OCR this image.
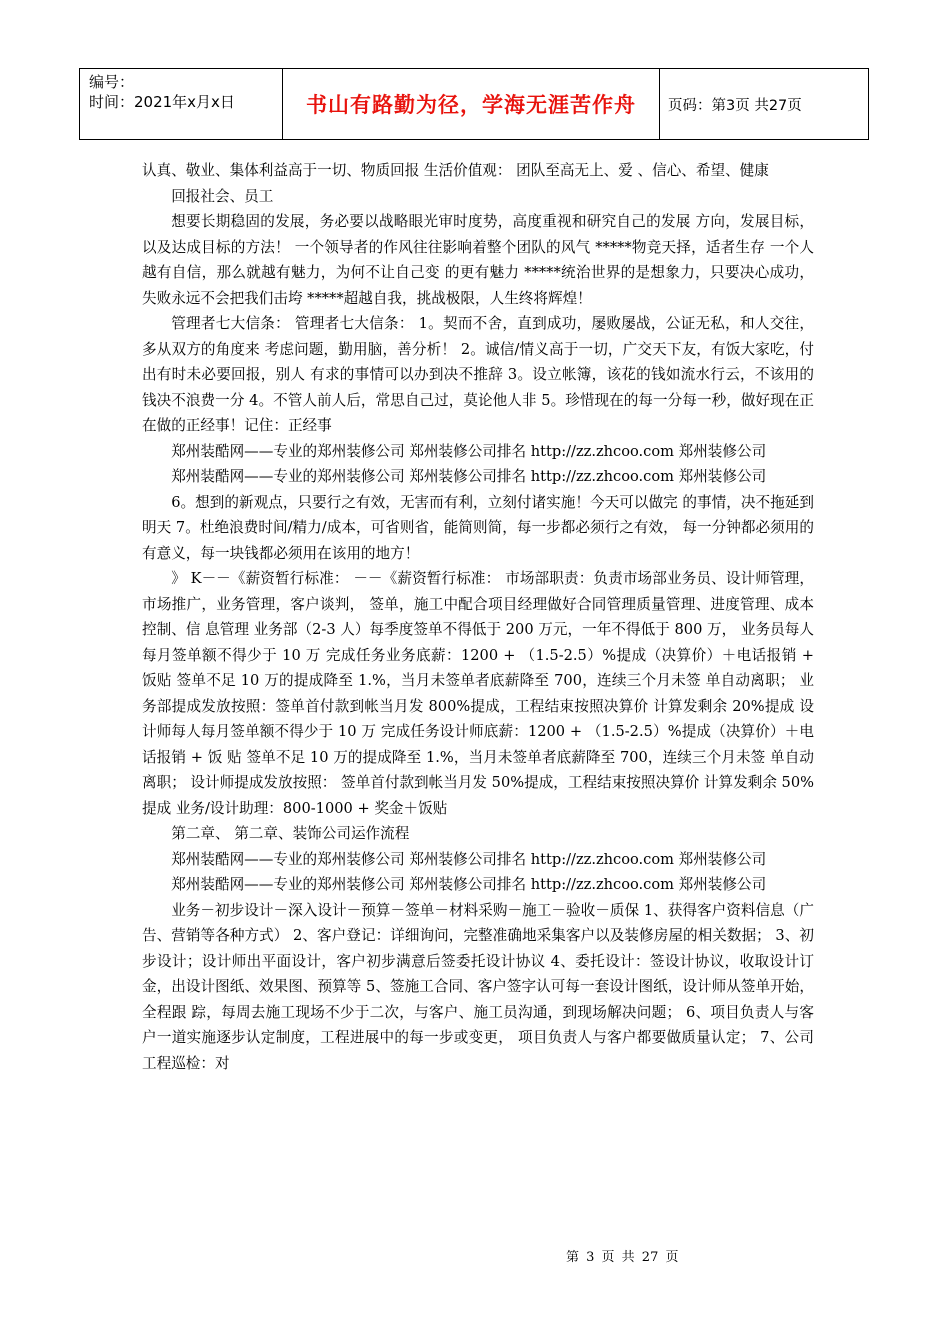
编号：
时间：2021年x月x日	书山有路勤为径，学海无涯苦作舟	页码：第3页 共27页

认真、敬业、集体利益高于一切、物质回报 生活价值观： 团队至高无上、爱 、信心、希望、健康

回报社会、员工

想要长期稳固的发展，务必要以战略眼光审时度势，高度重视和研究自己的发展 方向，发展目标，以及达成目标的方法！ 一个领导者的作风往往影响着整个团队的风气 *****物竞天择，适者生存 一个人越有自信，那么就越有魅力，为何不让自己变 的更有魅力 *****统治世界的是想象力，只要决心成功，失败永远不会把我们击垮 *****超越自我，挑战极限，人生终将辉煌！

管理者七大信条： 管理者七大信条： 1。契而不舍，直到成功，屡败屡战，公证无私，和人交往，多从双方的角度来 考虑问题，勤用脑，善分析！ 2。诚信/情义高于一切，广交天下友，有饭大家吃，付出有时未必要回报，别人 有求的事情可以办到决不推辞 3。设立帐簿，该花的钱如流水行云，不该用的钱决不浪费一分 4。不管人前人后，常思自己过，莫论他人非 5。珍惜现在的每一分每一秒，做好现在正在做的正经事！记住：正经事

郑州装酷网——专业的郑州装修公司 郑州装修公司排名 http://zz.zhcoo.com 郑州装修公司

郑州装酷网——专业的郑州装修公司 郑州装修公司排名 http://zz.zhcoo.com 郑州装修公司

6。想到的新观点，只要行之有效，无害而有利，立刻付诸实施！今天可以做完 的事情，决不拖延到明天 7。杜绝浪费时间/精力/成本，可省则省，能简则简，每一步都必须行之有效， 每一分钟都必须用的有意义，每一块钱都必须用在该用的地方！

》 K－－《薪资暂行标准： －－《薪资暂行标准： 市场部职责：负责市场部业务员、设计师管理，市场推广，业务管理，客户谈判， 签单，施工中配合项目经理做好合同管理质量管理、进度管理、成本控制、信 息管理 业务部（2-3 人）每季度签单不得低于 200 万元，一年不得低于 800 万， 业务员每人每月签单额不得少于 10 万 完成任务业务底薪：1200 + （1.5-2.5）%提成（决算价）＋电话报销 + 饭贴 签单不足 10 万的提成降至 1.%，当月未签单者底薪降至 700，连续三个月未签 单自动离职； 业务部提成发放按照：签单首付款到帐当月发 800%提成，工程结束按照决算价 计算发剩余 20%提成 设计师每人每月签单额不得少于 10 万 完成任务设计师底薪：1200 + （1.5-2.5）%提成（决算价）＋电话报销 + 饭 贴 签单不足 10 万的提成降至 1.%，当月未签单者底薪降至 700，连续三个月未签 单自动离职； 设计师提成发放按照： 签单首付款到帐当月发 50%提成，工程结束按照决算价 计算发剩余 50%提成 业务/设计助理：800-1000 + 奖金＋饭贴

第二章、 第二章、装饰公司运作流程

郑州装酷网——专业的郑州装修公司 郑州装修公司排名 http://zz.zhcoo.com 郑州装修公司

郑州装酷网——专业的郑州装修公司 郑州装修公司排名 http://zz.zhcoo.com 郑州装修公司

业务－初步设计－深入设计－预算－签单－材料采购－施工－验收－质保 1、获得客户资料信息（广告、营销等各种方式） 2、客户登记：详细询问，完整准确地采集客户以及装修房屋的相关数据； 3、初步设计；设计师出平面设计，客户初步满意后签委托设计协议 4、委托设计：签设计协议，收取设计订金，出设计图纸、效果图、预算等 5、签施工合同、客户签字认可每一套设计图纸，设计师从签单开始，全程跟 踪，每周去施工现场不少于二次，与客户、施工员沟通，到现场解决问题； 6、项目负责人与客户一道实施逐步认定制度，工程进展中的每一步或变更， 项目负责人与客户都要做质量认定； 7、公司工程巡检：对

第 3 页 共 27 页
